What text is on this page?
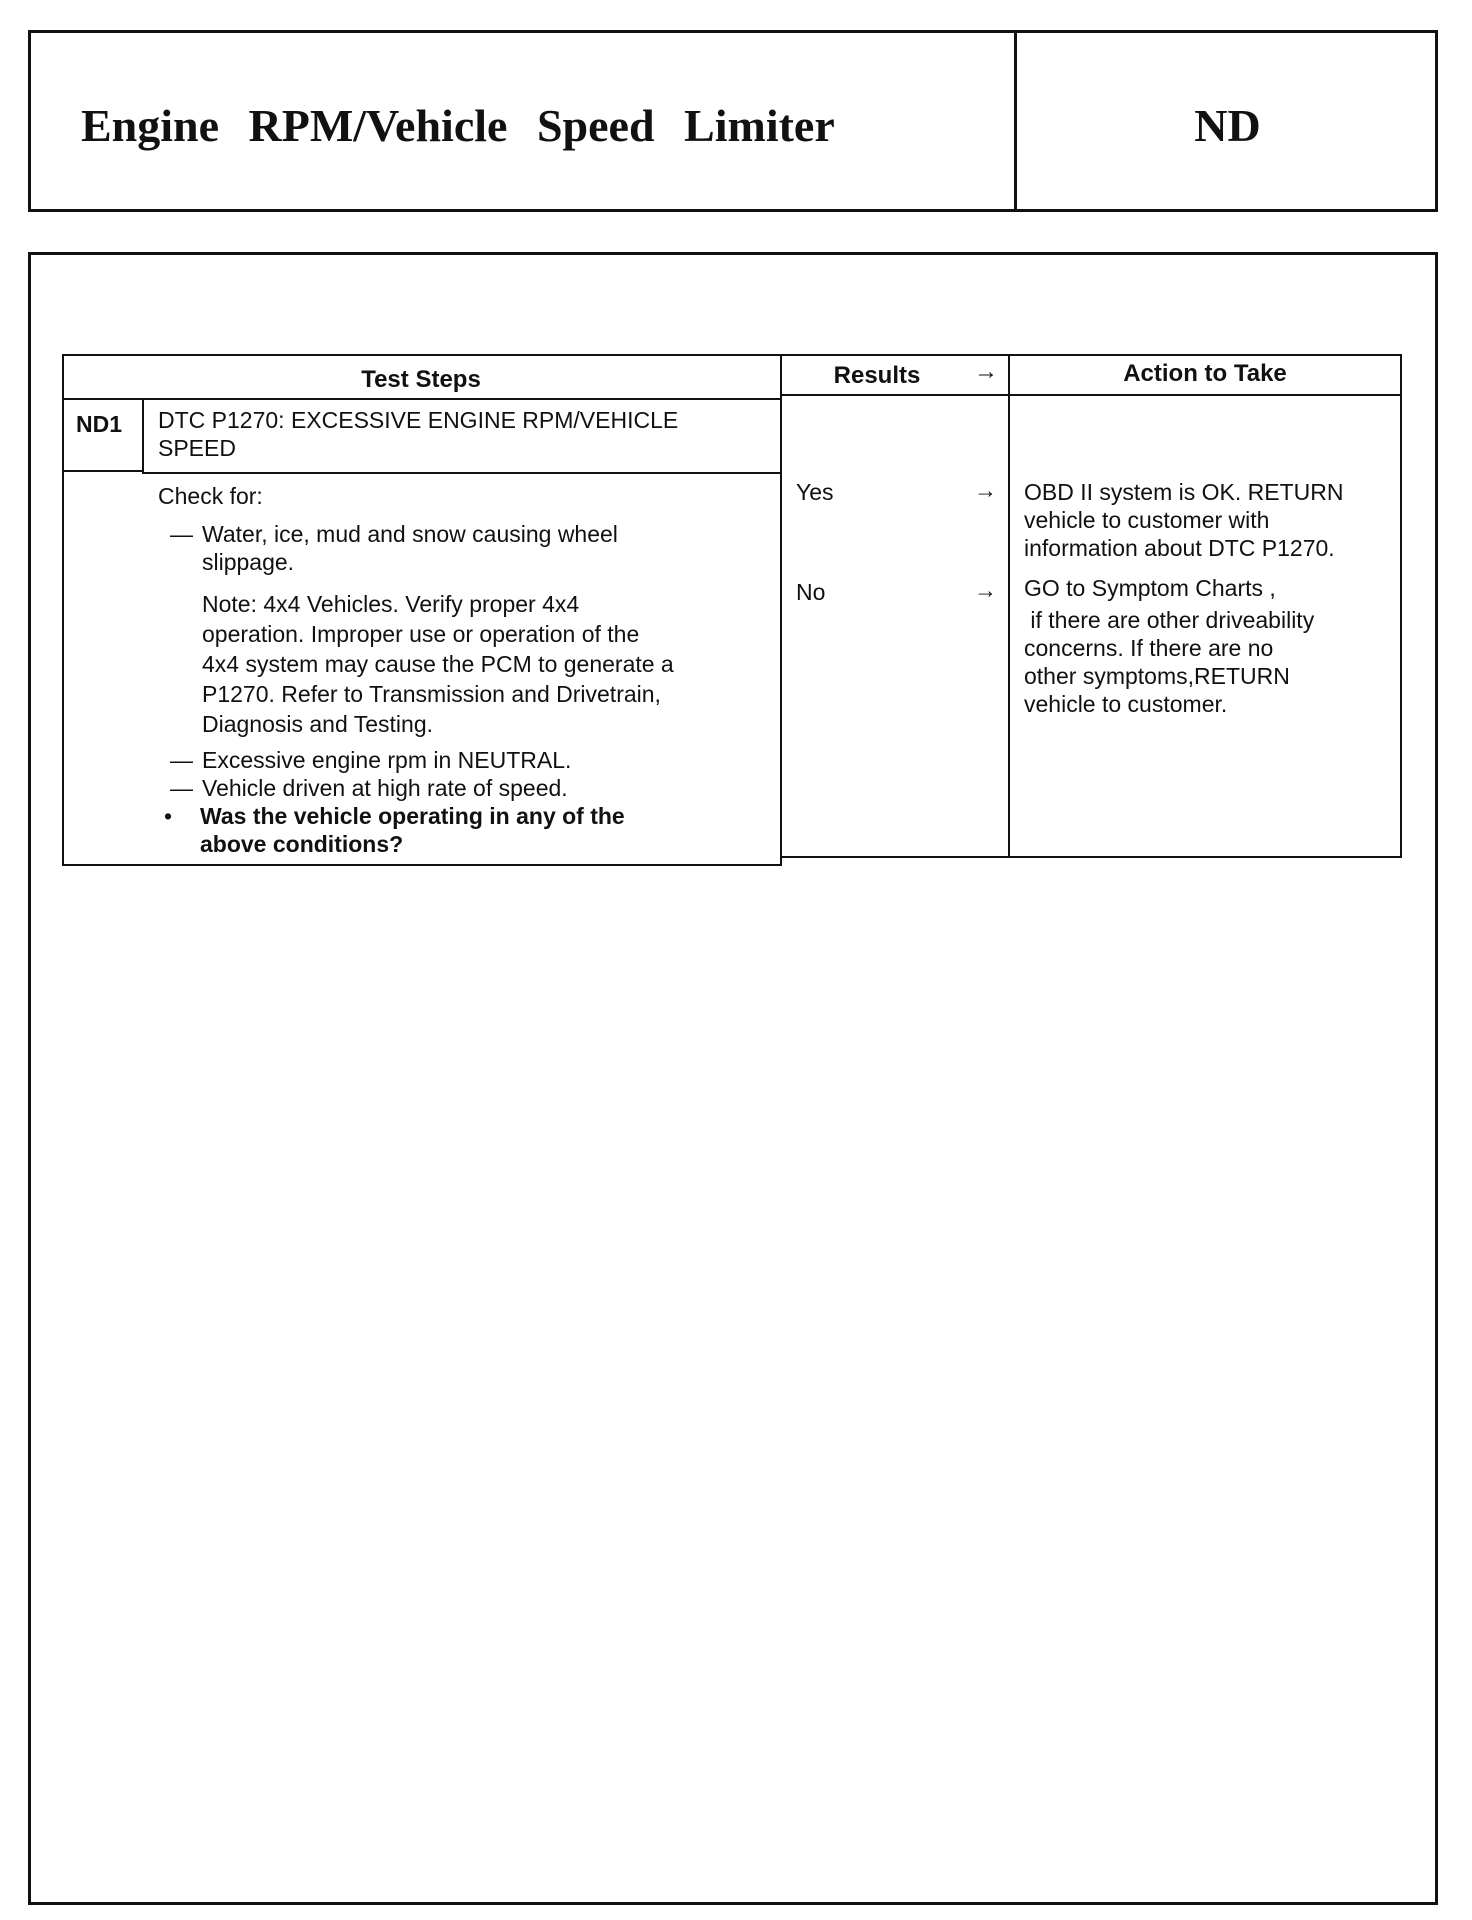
Engine RPM/Vehicle Speed Limiter	ND
Test Steps	Results	→	Action to Take
ND1 DTC P1270: EXCESSIVE ENGINE RPM/VEHICLE
SPEED
Check for:
— Water, ice, mud and snow causing wheel
slippage.
Note: 4x4 Vehicles. Verify proper 4x4
operation. Improper use or operation of the
4x4 system may cause the PCM to generate a
P1270. Refer to Transmission and Drivetrain,
Diagnosis and Testing.
— Excessive engine rpm in NEUTRAL.
— Vehicle driven at high rate of speed.
• Was the vehicle operating in any of the
above conditions?
Yes	→ OBD II system is OK. RETURN
vehicle to customer with
information about DTC P1270.
No	→ GO to Symptom Charts ,
if there are other driveability
concerns. If there are no
other symptoms,RETURN
vehicle to customer.
